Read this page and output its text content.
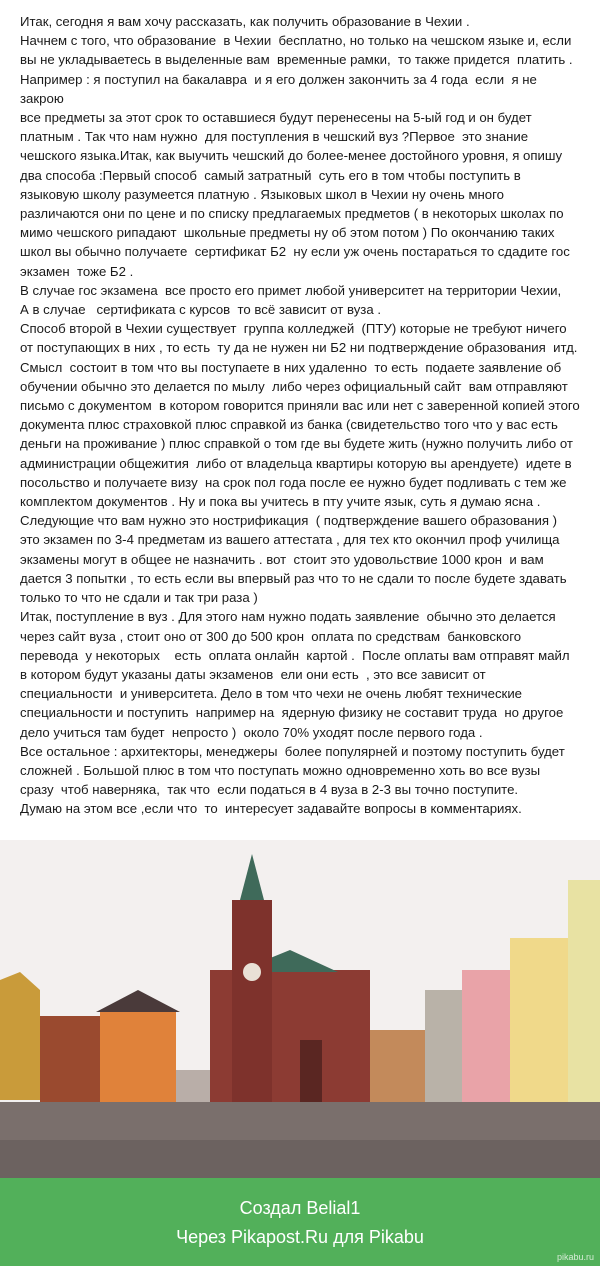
Итак, сегодня я вам хочу рассказать, как получить образование в Чехии .

Начнем с того, что образование  в Чехии  бесплатно, но только на чешском языке и, если

вы не укладываетесь в выделенные вам  временные рамки,  то также придется  платить .

Например : я поступил на бакалавра  и я его должен закончить за 4 года  если  я не

закрою

все предметы за этот срок то оставшиеся будут перенесены на 5-ый год и он будет

платным . Так что нам нужно  для поступления в чешский вуз ?Первое  это знание

чешского языка.Итак, как выучить чешский до более-менее достойного уровня, я опишу

два способа :Первый способ  самый затратный  суть его в том чтобы поступить в

языковую школу разумеется платную . Языковых школ в Чехии ну очень много

различаются они по цене и по списку предлагаемых предметов ( в некоторых школах по

мимо чешского рипадают  школьные предметы ну об этом потом ) По окончанию таких

школ вы обычно получаете  сертификат Б2  ну если уж очень постараться то сдадите гос

экзамен  тоже Б2 .

В случае гос экзамена  все просто его примет любой университет на территории Чехии,

А в случае   сертификата с курсов  то всё зависит от вуза .

Способ второй в Чехии существует  группа колледжей  (ПТУ) которые не требуют ничего

от поступающих в них , то есть  ту да не нужен ни Б2 ни подтверждение образования  итд.

Смысл  состоит в том что вы поступаете в них удаленно  то есть  подаете заявление об

обучении обычно это делается по мылу  либо через официальный сайт  вам отправляют

письмо с документом  в котором говорится приняли вас или нет с заверенной копией этого

документа плюс страховкой плюс справкой из банка (свидетельство того что у вас есть

деньги на проживание ) плюс справкой о том где вы будете жить (нужно получить либо от

администрации общежития  либо от владельца квартиры которую вы арендуете)  идете в

посольство и получаете визу  на срок пол года после ее нужно будет подливать с тем же

комплектом документов . Ну и пока вы учитесь в пту учите язык, суть я думаю ясна .

Следующие что вам нужно это нострификация  ( подтверждение вашего образования )

это экзамен по 3-4 предметам из вашего аттестата , для тех кто окончил проф училища

экзамены могут в общее не назначить . вот  стоит это удовольствие 1000 крон  и вам

дается 3 попытки , то есть если вы впервый раз что то не сдали то после будете здавать

только то что не сдали и так три раза )

Итак, поступление в вуз . Для этого нам нужно подать заявление  обычно это делается

через сайт вуза , стоит оно от 300 до 500 крон  оплата по средствам  банковского

перевода  у некоторых    есть  оплата онлайн  картой .  После оплаты вам отправят майл

в котором будут указаны даты экзаменов  ели они есть  , это все зависит от

специальности  и университета. Дело в том что чехи не очень любят технические

специальности и поступить  например на  ядерную физику не составит труда  но другое

дело учиться там будет  непросто )  около 70% уходят после первого года .

Все остальное : архитекторы, менеджеры  более популярней и поэтому поступить будет

сложней . Большой плюс в том что поступать можно одновременно хоть во все вузы

сразу  чтоб наверняка,  так что  если податься в 4 вуза в 2-3 вы точно поступите.

Думаю на этом все ,если что  то  интересует задавайте вопросы в комментариях.

Создал Belial1
Через Pikapost.Ru для Pikabu
pikabu.ru
